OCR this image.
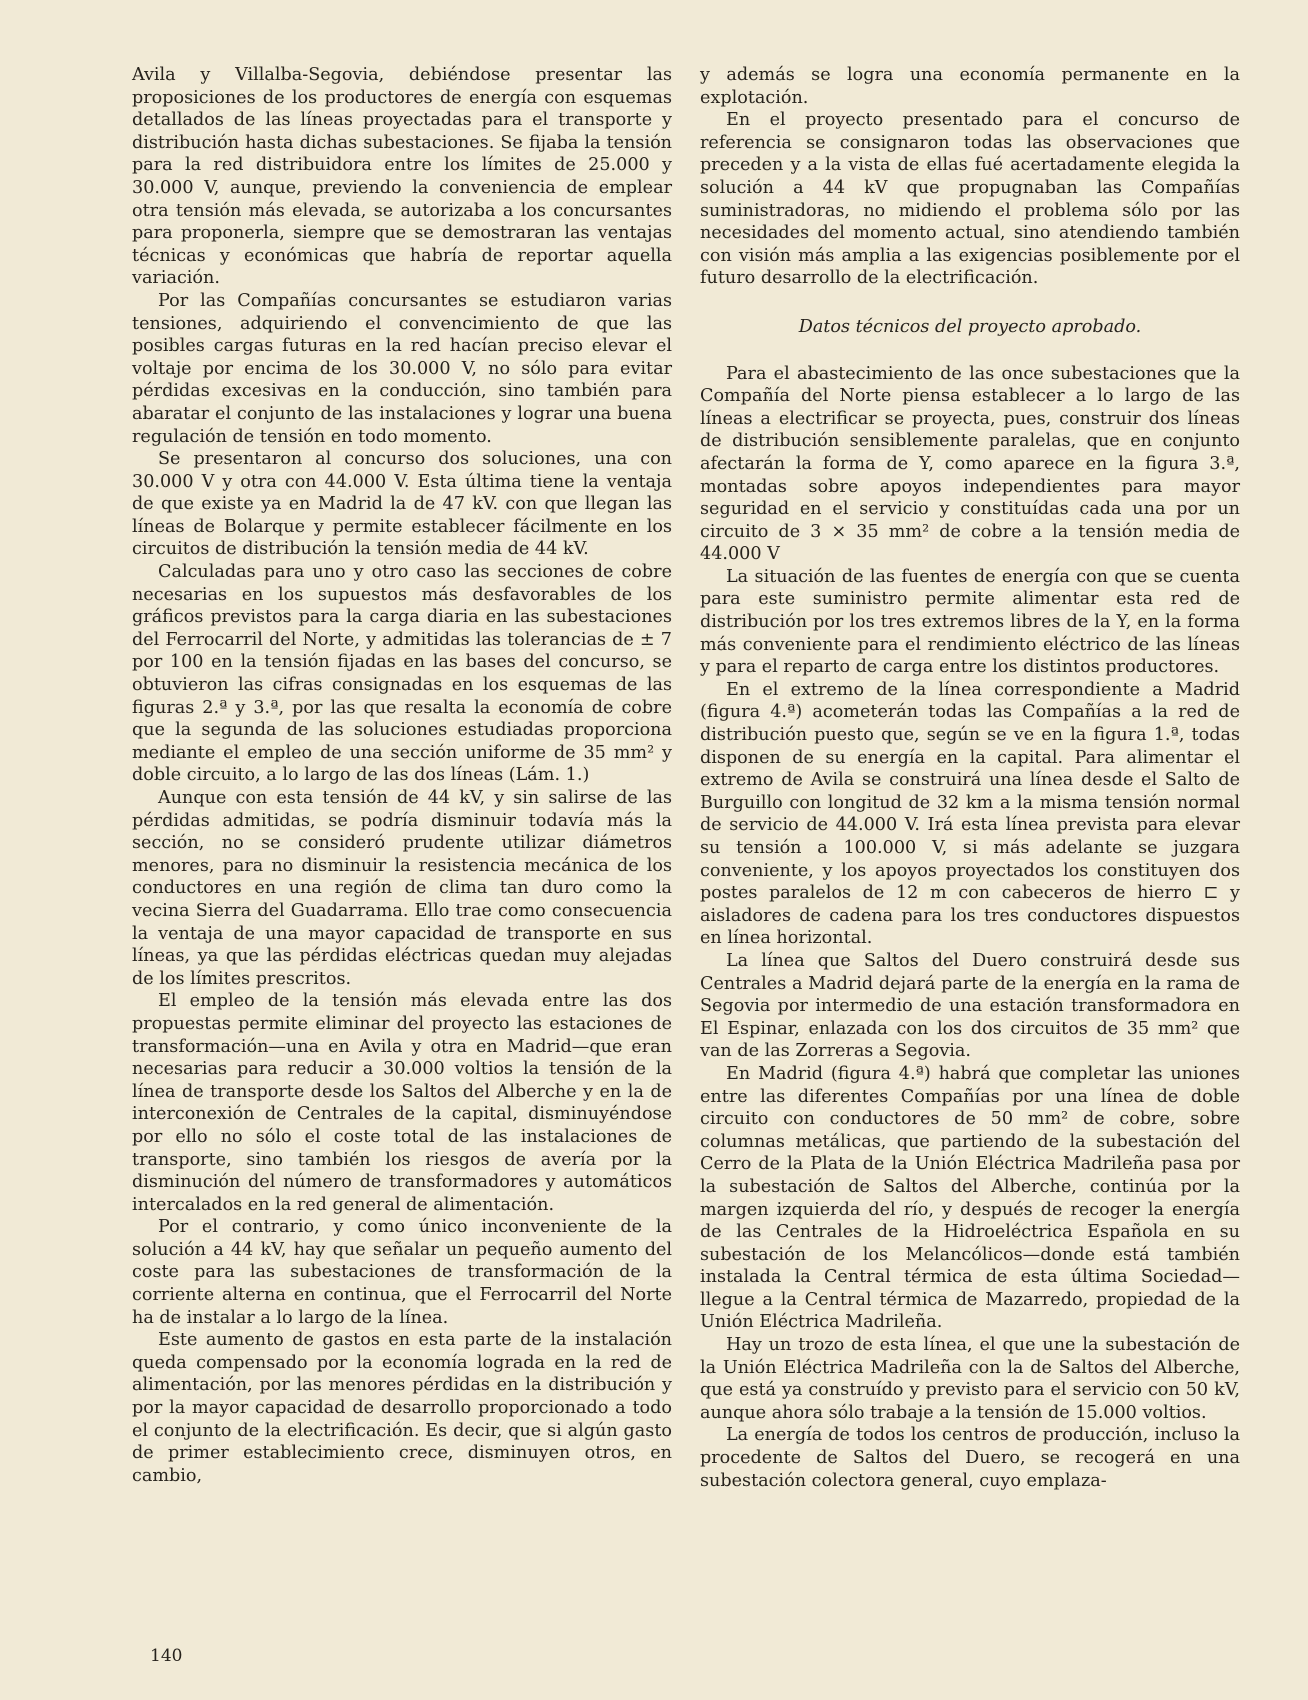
Avila y Villalba-Segovia, debiéndose presentar las proposiciones de los productores de energía con esquemas detallados de las líneas proyectadas para el transporte y distribución hasta dichas subestaciones. Se fijaba la tensión para la red distribuidora entre los límites de 25.000 y 30.000 V, aunque, previendo la conveniencia de emplear otra tensión más elevada, se autorizaba a los concursantes para proponerla, siempre que se demostraran las ventajas técnicas y económicas que habría de reportar aquella variación.

Por las Compañías concursantes se estudiaron varias tensiones, adquiriendo el convencimiento de que las posibles cargas futuras en la red hacían preciso elevar el voltaje por encima de los 30.000 V, no sólo para evitar pérdidas excesivas en la conducción, sino también para abaratar el conjunto de las instalaciones y lograr una buena regulación de tensión en todo momento.

Se presentaron al concurso dos soluciones, una con 30.000 V y otra con 44.000 V. Esta última tiene la ventaja de que existe ya en Madrid la de 47 kV. con que llegan las líneas de Bolarque y permite establecer fácilmente en los circuitos de distribución la tensión media de 44 kV.

Calculadas para uno y otro caso las secciones de cobre necesarias en los supuestos más desfavorables de los gráficos previstos para la carga diaria en las subestaciones del Ferrocarril del Norte, y admitidas las tolerancias de ± 7 por 100 en la tensión fijadas en las bases del concurso, se obtuvieron las cifras consignadas en los esquemas de las figuras 2.ª y 3.ª, por las que resalta la economía de cobre que la segunda de las soluciones estudiadas proporciona mediante el empleo de una sección uniforme de 35 mm² y doble circuito, a lo largo de las dos líneas (Lám. 1.)

Aunque con esta tensión de 44 kV, y sin salirse de las pérdidas admitidas, se podría disminuir todavía más la sección, no se consideró prudente utilizar diámetros menores, para no disminuir la resistencia mecánica de los conductores en una región de clima tan duro como la vecina Sierra del Guadarrama. Ello trae como consecuencia la ventaja de una mayor capacidad de transporte en sus líneas, ya que las pérdidas eléctricas quedan muy alejadas de los límites prescritos.

El empleo de la tensión más elevada entre las dos propuestas permite eliminar del proyecto las estaciones de transformación—una en Avila y otra en Madrid—que eran necesarias para reducir a 30.000 voltios la tensión de la línea de transporte desde los Saltos del Alberche y en la de interconexión de Centrales de la capital, disminuyéndose por ello no sólo el coste total de las instalaciones de transporte, sino también los riesgos de avería por la disminución del número de transformadores y automáticos intercalados en la red general de alimentación.

Por el contrario, y como único inconveniente de la solución a 44 kV, hay que señalar un pequeño aumento del coste para las subestaciones de transformación de la corriente alterna en continua, que el Ferrocarril del Norte ha de instalar a lo largo de la línea.

Este aumento de gastos en esta parte de la instalación queda compensado por la economía lograda en la red de alimentación, por las menores pérdidas en la distribución y por la mayor capacidad de desarrollo proporcionado a todo el conjunto de la electrificación. Es decir, que si algún gasto de primer establecimiento crece, disminuyen otros, en cambio,

y además se logra una economía permanente en la explotación.

En el proyecto presentado para el concurso de referencia se consignaron todas las observaciones que preceden y a la vista de ellas fué acertadamente elegida la solución a 44 kV que propugnaban las Compañías suministradoras, no midiendo el problema sólo por las necesidades del momento actual, sino atendiendo también con visión más amplia a las exigencias posiblemente por el futuro desarrollo de la electrificación.

Datos técnicos del proyecto aprobado.

Para el abastecimiento de las once subestaciones que la Compañía del Norte piensa establecer a lo largo de las líneas a electrificar se proyecta, pues, construir dos líneas de distribución sensiblemente paralelas, que en conjunto afectarán la forma de Y, como aparece en la figura 3.ª, montadas sobre apoyos independientes para mayor seguridad en el servicio y constituídas cada una por un circuito de 3 × 35 mm² de cobre a la tensión media de 44.000 V

La situación de las fuentes de energía con que se cuenta para este suministro permite alimentar esta red de distribución por los tres extremos libres de la Y, en la forma más conveniente para el rendimiento eléctrico de las líneas y para el reparto de carga entre los distintos productores.

En el extremo de la línea correspondiente a Madrid (figura 4.ª) acometerán todas las Compañías a la red de distribución puesto que, según se ve en la figura 1.ª, todas disponen de su energía en la capital. Para alimentar el extremo de Avila se construirá una línea desde el Salto de Burguillo con longitud de 32 km a la misma tensión normal de servicio de 44.000 V. Irá esta línea prevista para elevar su tensión a 100.000 V, si más adelante se juzgara conveniente, y los apoyos proyectados los constituyen dos postes paralelos de 12 m con cabeceros de hierro ⊏ y aisladores de cadena para los tres conductores dispuestos en línea horizontal.

La línea que Saltos del Duero construirá desde sus Centrales a Madrid dejará parte de la energía en la rama de Segovia por intermedio de una estación transformadora en El Espinar, enlazada con los dos circuitos de 35 mm² que van de las Zorreras a Segovia.

En Madrid (figura 4.ª) habrá que completar las uniones entre las diferentes Compañías por una línea de doble circuito con conductores de 50 mm² de cobre, sobre columnas metálicas, que partiendo de la subestación del Cerro de la Plata de la Unión Eléctrica Madrileña pasa por la subestación de Saltos del Alberche, continúa por la margen izquierda del río, y después de recoger la energía de las Centrales de la Hidroeléctrica Española en su subestación de los Melancólicos—donde está también instalada la Central térmica de esta última Sociedad—llegue a la Central térmica de Mazarredo, propiedad de la Unión Eléctrica Madrileña.

Hay un trozo de esta línea, el que une la subestación de la Unión Eléctrica Madrileña con la de Saltos del Alberche, que está ya construído y previsto para el servicio con 50 kV, aunque ahora sólo trabaje a la tensión de 15.000 voltios.

La energía de todos los centros de producción, incluso la procedente de Saltos del Duero, se recogerá en una subestación colectora general, cuyo emplaza-

140
